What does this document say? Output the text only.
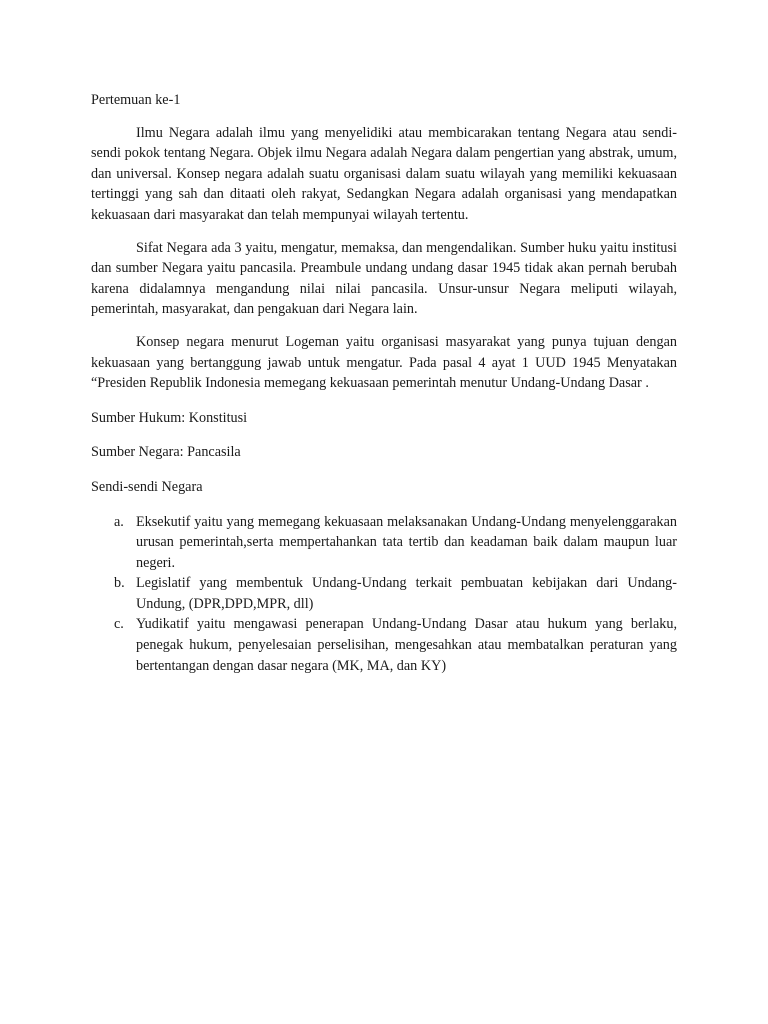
Pertemuan ke-1

Ilmu Negara adalah ilmu yang menyelidiki atau membicarakan tentang Negara atau sendi-sendi pokok tentang Negara. Objek ilmu Negara adalah Negara dalam pengertian yang abstrak, umum, dan universal. Konsep negara adalah suatu organisasi dalam suatu wilayah yang memiliki kekuasaan tertinggi yang sah dan ditaati oleh rakyat, Sedangkan Negara adalah organisasi yang mendapatkan kekuasaan dari masyarakat dan telah mempunyai wilayah tertentu.

Sifat Negara ada 3 yaitu, mengatur, memaksa, dan mengendalikan. Sumber huku yaitu institusi dan sumber Negara yaitu pancasila. Preambule undang undang dasar 1945 tidak akan pernah berubah karena didalamnya mengandung nilai nilai pancasila. Unsur-unsur Negara meliputi wilayah, pemerintah, masyarakat, dan pengakuan dari Negara lain.

Konsep negara menurut Logeman yaitu organisasi masyarakat yang punya tujuan dengan kekuasaan yang bertanggung jawab untuk mengatur. Pada pasal 4 ayat 1 UUD 1945 Menyatakan “Presiden Republik Indonesia memegang kekuasaan pemerintah menutur Undang-Undang Dasar .

Sumber Hukum: Konstitusi

Sumber Negara: Pancasila

Sendi-sendi Negara

a. Eksekutif yaitu yang memegang kekuasaan melaksanakan Undang-Undang menyelenggarakan urusan pemerintah,serta mempertahankan tata tertib dan keadaman baik dalam maupun luar negeri.
b. Legislatif yang membentuk Undang-Undang terkait pembuatan kebijakan dari Undang-Undung, (DPR,DPD,MPR, dll)
c. Yudikatif yaitu mengawasi penerapan Undang-Undang Dasar atau hukum yang berlaku, penegak hukum, penyelesaian perselisihan, mengesahkan atau membatalkan peraturan yang bertentangan dengan dasar negara (MK, MA, dan KY)
